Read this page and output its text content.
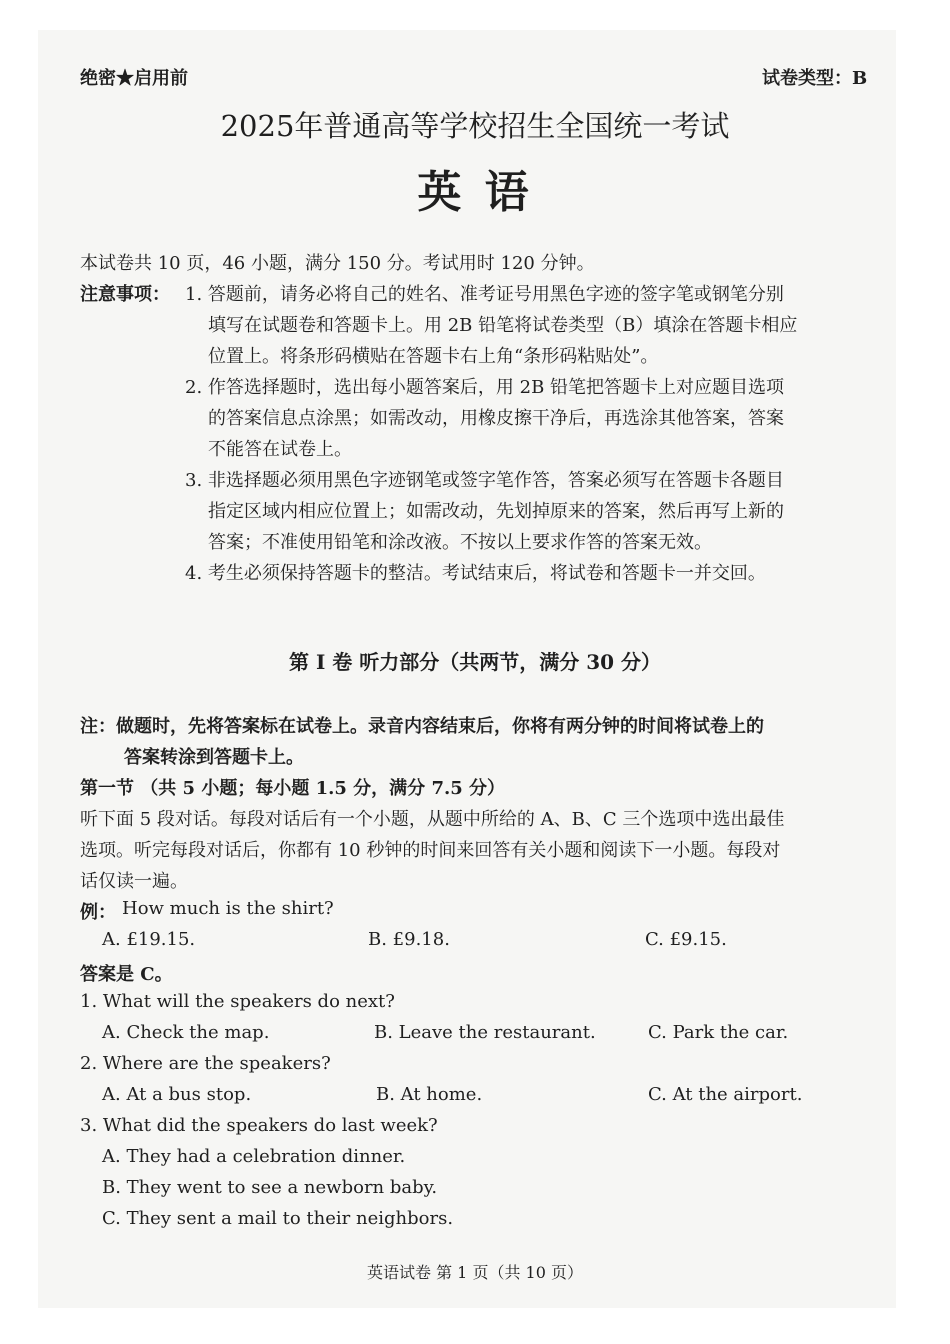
绝密★启用前	试卷类型：B
2025年普通高等学校招生全国统一考试
英 语
本试卷共 10 页，46 小题，满分 150 分。考试用时 120 分钟。
注意事项： 1. 答题前，请务必将自己的姓名、准考证号用黑色字迹的签字笔或钢笔分别
填写在试题卷和答题卡上。用 2B 铅笔将试卷类型（B）填涂在答题卡相应
位置上。将条形码横贴在答题卡右上角“条形码粘贴处”。
2. 作答选择题时，选出每小题答案后，用 2B 铅笔把答题卡上对应题目选项
的答案信息点涂黑；如需改动，用橡皮擦干净后，再选涂其他答案，答案
不能答在试卷上。
3. 非选择题必须用黑色字迹钢笔或签字笔作答，答案必须写在答题卡各题目
指定区域内相应位置上；如需改动，先划掉原来的答案，然后再写上新的
答案；不准使用铅笔和涂改液。不按以上要求作答的答案无效。
4. 考生必须保持答题卡的整洁。考试结束后，将试卷和答题卡一并交回。
第 I 卷 听力部分（共两节，满分 30 分）
注：做题时，先将答案标在试卷上。录音内容结束后，你将有两分钟的时间将试卷上的
答案转涂到答题卡上。
第一节 （共 5 小题；每小题 1.5 分，满分 7.5 分）
听下面 5 段对话。每段对话后有一个小题，从题中所给的 A、B、C 三个选项中选出最佳
选项。听完每段对话后，你都有 10 秒钟的时间来回答有关小题和阅读下一小题。每段对
话仅读一遍。
例： How much is the shirt?
A. £19.15.	B. £9.18.	C. £9.15.
答案是 C。
1. What will the speakers do next?
A. Check the map.	B. Leave the restaurant.	C. Park the car.
2. Where are the speakers?
A. At a bus stop.	B. At home.	C. At the airport.
3. What did the speakers do last week?
A. They had a celebration dinner.
B. They went to see a newborn baby.
C. They sent a mail to their neighbors.
英语试卷 第 1 页（共 10 页）
